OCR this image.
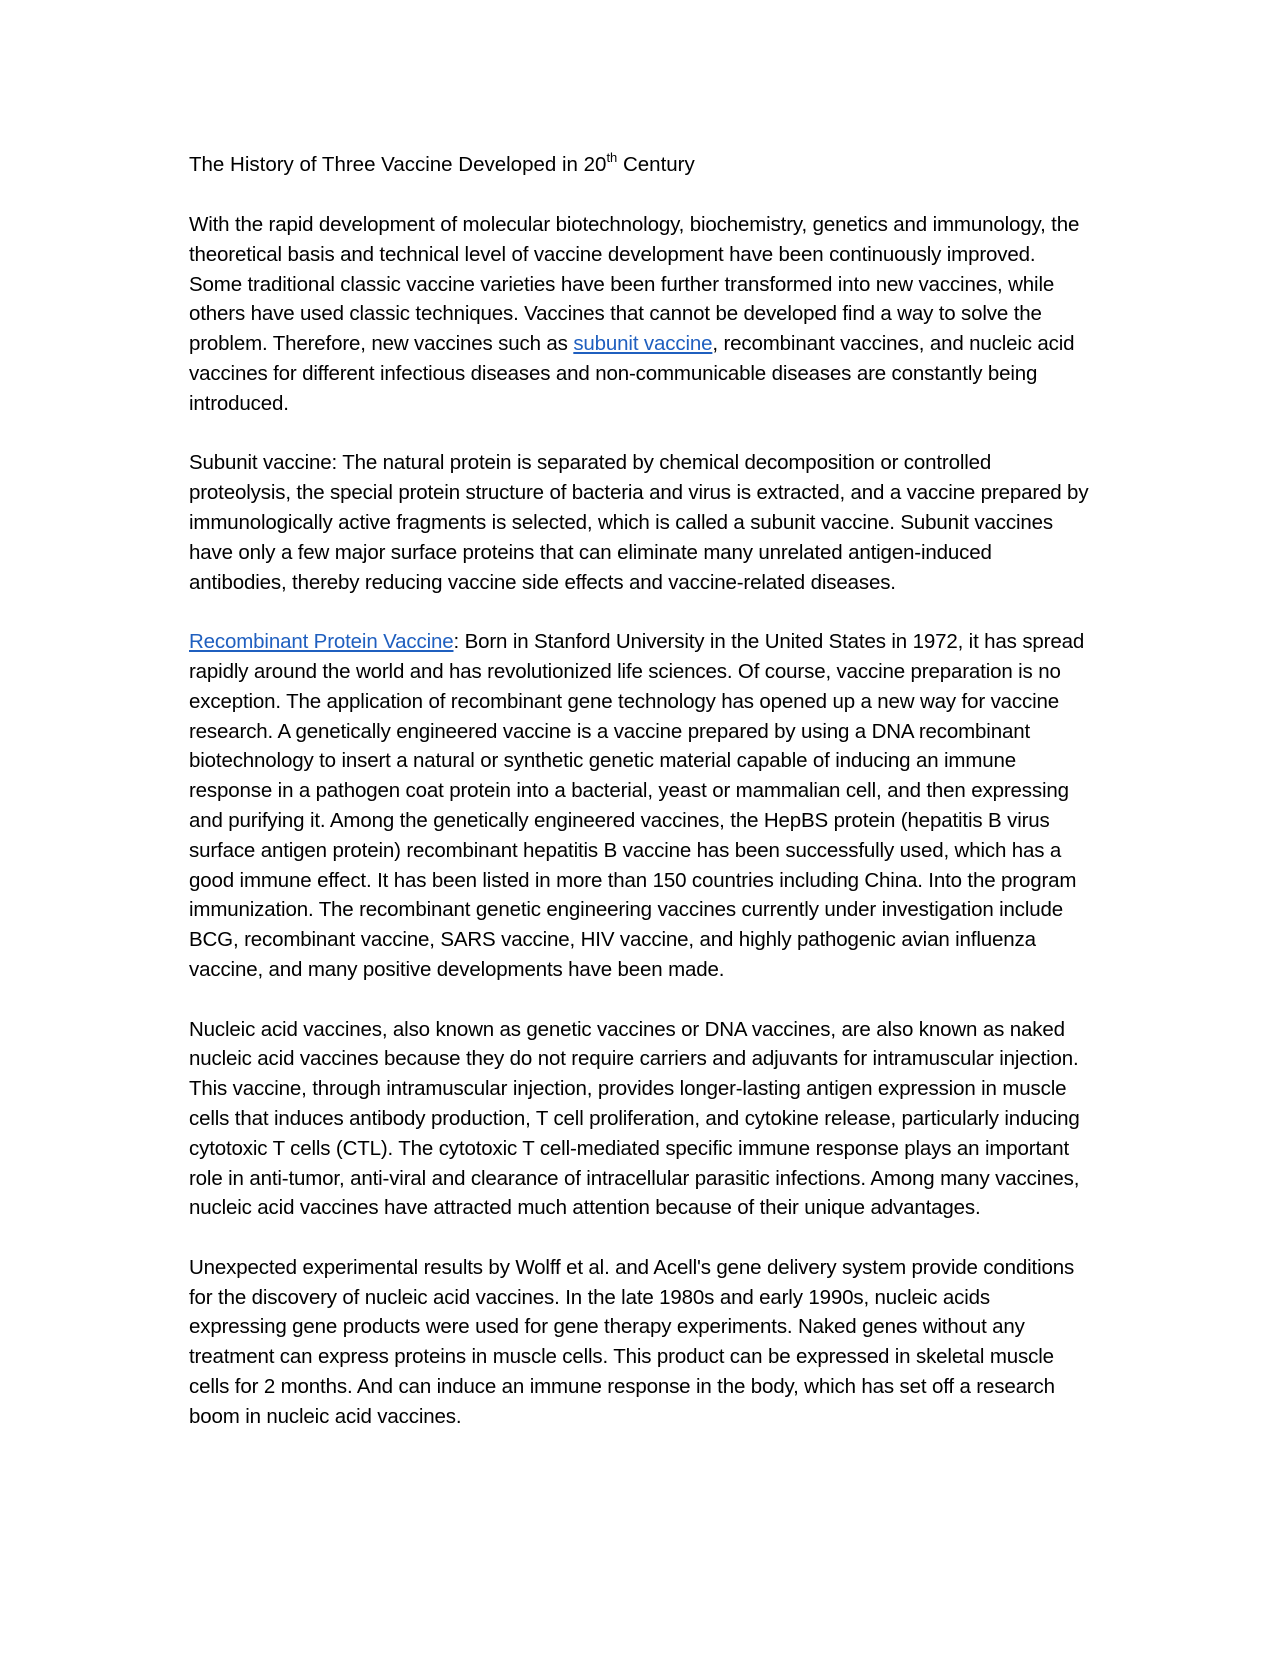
The History of Three Vaccine Developed in 20th Century

With the rapid development of molecular biotechnology, biochemistry, genetics and immunology, the theoretical basis and technical level of vaccine development have been continuously improved. Some traditional classic vaccine varieties have been further transformed into new vaccines, while others have used classic techniques. Vaccines that cannot be developed find a way to solve the problem. Therefore, new vaccines such as subunit vaccine, recombinant vaccines, and nucleic acid vaccines for different infectious diseases and non-communicable diseases are constantly being introduced.

Subunit vaccine: The natural protein is separated by chemical decomposition or controlled proteolysis, the special protein structure of bacteria and virus is extracted, and a vaccine prepared by immunologically active fragments is selected, which is called a subunit vaccine. Subunit vaccines have only a few major surface proteins that can eliminate many unrelated antigen-induced antibodies, thereby reducing vaccine side effects and vaccine-related diseases.

Recombinant Protein Vaccine: Born in Stanford University in the United States in 1972, it has spread rapidly around the world and has revolutionized life sciences. Of course, vaccine preparation is no exception. The application of recombinant gene technology has opened up a new way for vaccine research. A genetically engineered vaccine is a vaccine prepared by using a DNA recombinant biotechnology to insert a natural or synthetic genetic material capable of inducing an immune response in a pathogen coat protein into a bacterial, yeast or mammalian cell, and then expressing and purifying it. Among the genetically engineered vaccines, the HepBS protein (hepatitis B virus surface antigen protein) recombinant hepatitis B vaccine has been successfully used, which has a good immune effect. It has been listed in more than 150 countries including China. Into the program immunization. The recombinant genetic engineering vaccines currently under investigation include BCG, recombinant vaccine, SARS vaccine, HIV vaccine, and highly pathogenic avian influenza vaccine, and many positive developments have been made.

Nucleic acid vaccines, also known as genetic vaccines or DNA vaccines, are also known as naked nucleic acid vaccines because they do not require carriers and adjuvants for intramuscular injection. This vaccine, through intramuscular injection, provides longer-lasting antigen expression in muscle cells that induces antibody production, T cell proliferation, and cytokine release, particularly inducing cytotoxic T cells (CTL). The cytotoxic T cell-mediated specific immune response plays an important role in anti-tumor, anti-viral and clearance of intracellular parasitic infections. Among many vaccines, nucleic acid vaccines have attracted much attention because of their unique advantages.

Unexpected experimental results by Wolff et al. and Acell's gene delivery system provide conditions for the discovery of nucleic acid vaccines. In the late 1980s and early 1990s, nucleic acids expressing gene products were used for gene therapy experiments. Naked genes without any treatment can express proteins in muscle cells. This product can be expressed in skeletal muscle cells for 2 months. And can induce an immune response in the body, which has set off a research boom in nucleic acid vaccines.
